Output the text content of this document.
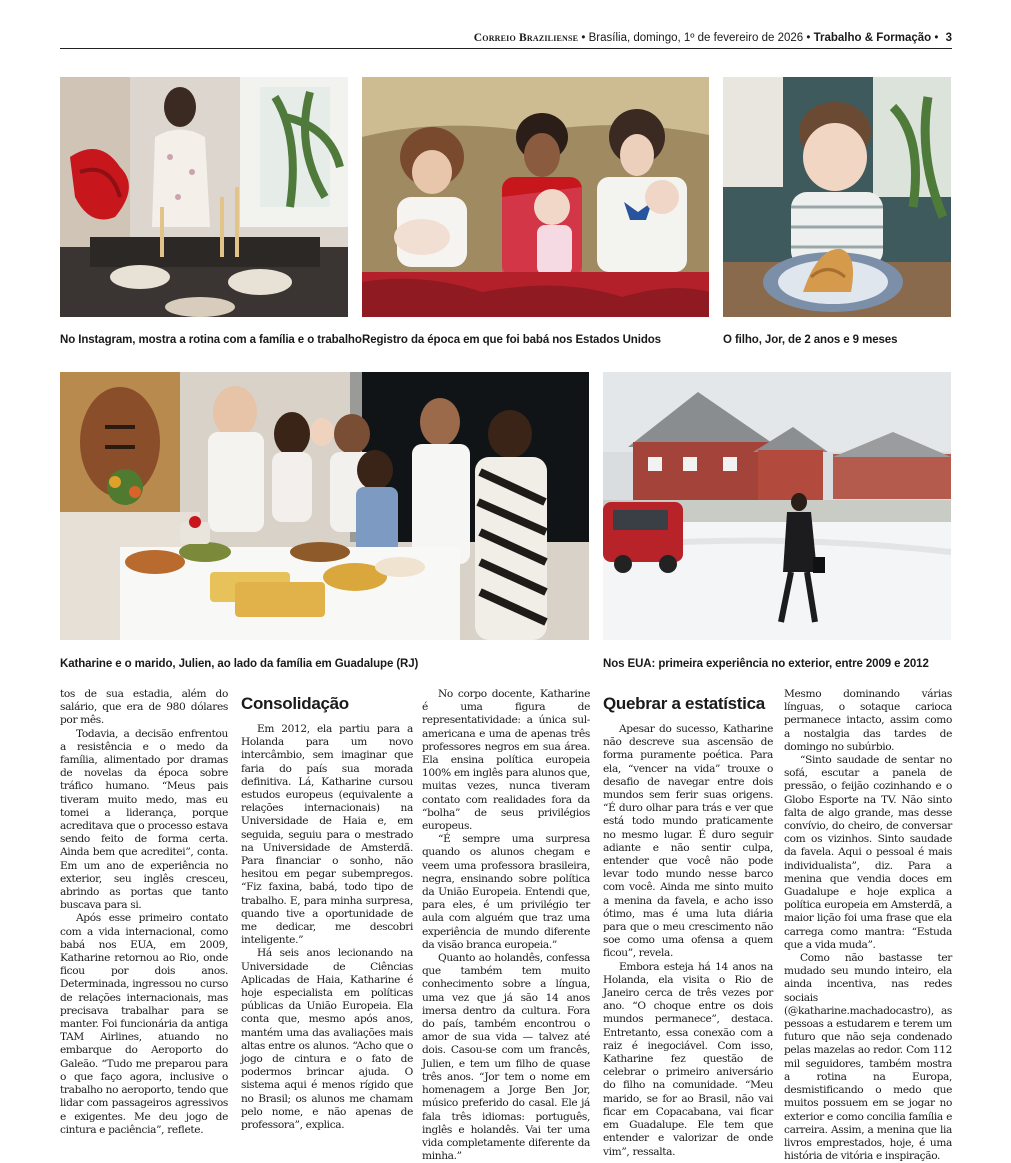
Correio Braziliense • Brasília, domingo, 1º de fevereiro de 2026 • Trabalho & Formação • 3
No Instagram, mostra a rotina com a família e o trabalho Registro da época em que foi babá nos Estados Unidos	O filho, Jor, de 2 anos e 9 meses
Katharine e o marido, Julien, ao lado da família em Guadalupe (RJ)	Nos EUA: primeira experiência no exterior, entre 2009 e 2012

tos de sua estadia, além do salário, que era de 980 dólares por mês.

Todavia, a decisão enfrentou a resistência e o medo da família, alimentado por dramas de novelas da época sobre tráfico humano. “Meus pais tiveram muito medo, mas eu tomei a liderança, porque acreditava que o processo estava sendo feito de forma certa. Ainda bem que acreditei”, conta. Em um ano de experiência no exterior, seu inglês cresceu, abrindo as portas que tanto buscava para si.

Após esse primeiro contato com a vida internacional, como babá nos EUA, em 2009, Katharine retornou ao Rio, onde ficou por dois anos. Determinada, ingressou no curso de relações internacionais, mas precisava trabalhar para se manter. Foi funcionária da antiga TAM Airlines, atuando no embarque do Aeroporto do Galeão. “Tudo me preparou para o que faço agora, inclusive o trabalho no aeroporto, tendo que lidar com passageiros agressivos e exigentes. Me deu jogo de cintura e paciência”, reflete.

Consolidação

Em 2012, ela partiu para a Holanda para um novo intercâmbio, sem imaginar que faria do país sua morada definitiva. Lá, Katharine cursou estudos europeus (equivalente a relações internacionais) na Universidade de Haia e, em seguida, seguiu para o mestrado na Universidade de Amsterdã. Para financiar o sonho, não hesitou em pegar subempregos. “Fiz faxina, babá, todo tipo de trabalho. E, para minha surpresa, quando tive a oportunidade de me dedicar, me descobri inteligente.”

Há seis anos lecionando na Universidade de Ciências Aplicadas de Haia, Katharine é hoje especialista em políticas públicas da União Europeia. Ela conta que, mesmo após anos, mantém uma das avaliações mais altas entre os alunos. “Acho que o jogo de cintura e o fato de podermos brincar ajuda. O sistema aqui é menos rígido que no Brasil; os alunos me chamam pelo nome, e não apenas de professora”, explica.

No corpo docente, Katharine é uma figura de representatividade: a única sul-americana e uma de apenas três professores negros em sua área. Ela ensina política europeia 100% em inglês para alunos que, muitas vezes, nunca tiveram contato com realidades fora da “bolha” de seus privilégios europeus.

“É sempre uma surpresa quando os alunos chegam e veem uma professora brasileira, negra, ensinando sobre política da União Europeia. Entendi que, para eles, é um privilégio ter aula com alguém que traz uma experiência de mundo diferente da visão branca europeia.”

Quanto ao holandês, confessa que também tem muito conhecimento sobre a língua, uma vez que já são 14 anos imersa dentro da cultura. Fora do país, também encontrou o amor de sua vida — talvez até dois. Casou-se com um francês, Julien, e tem um filho de quase três anos. “Jor tem o nome em homenagem a Jorge Ben Jor, músico preferido do casal. Ele já fala três idiomas: português, inglês e holandês. Vai ter uma vida completamente diferente da minha.”

Quebrar a estatística

Apesar do sucesso, Katharine não descreve sua ascensão de forma puramente poética. Para ela, “vencer na vida” trouxe o desafio de navegar entre dois mundos sem ferir suas origens. “É duro olhar para trás e ver que está todo mundo praticamente no mesmo lugar. É duro seguir adiante e não sentir culpa, entender que você não pode levar todo mundo nesse barco com você. Ainda me sinto muito a menina da favela, e acho isso ótimo, mas é uma luta diária para que o meu crescimento não soe como uma ofensa a quem ficou”, revela.

Embora esteja há 14 anos na Holanda, ela visita o Rio de Janeiro cerca de três vezes por ano. “O choque entre os dois mundos permanece”, destaca. Entretanto, essa conexão com a raiz é inegociável. Com isso, Katharine fez questão de celebrar o primeiro aniversário do filho na comunidade. “Meu marido, se for ao Brasil, não vai ficar em Copacabana, vai ficar em Guadalupe. Ele tem que entender e valorizar de onde vim”, ressalta.

Mesmo dominando várias línguas, o sotaque carioca permanece intacto, assim como a nostalgia das tardes de domingo no subúrbio.

“Sinto saudade de sentar no sofá, escutar a panela de pressão, o feijão cozinhando e o Globo Esporte na TV. Não sinto falta de algo grande, mas desse convívio, do cheiro, de conversar com os vizinhos. Sinto saudade da favela. Aqui o pessoal é mais individualista”, diz. Para a menina que vendia doces em Guadalupe e hoje explica a política europeia em Amsterdã, a maior lição foi uma frase que ela carrega como mantra: “Estuda que a vida muda”.

Como não bastasse ter mudado seu mundo inteiro, ela ainda incentiva, nas redes sociais (@katharine.machadocastro), as pessoas a estudarem e terem um futuro que não seja condenado pelas mazelas ao redor. Com 112 mil seguidores, também mostra a rotina na Europa, desmistificando o medo que muitos possuem em se jogar no exterior e como concilia família e carreira. Assim, a menina que lia livros emprestados, hoje, é uma história de vitória e inspiração.
